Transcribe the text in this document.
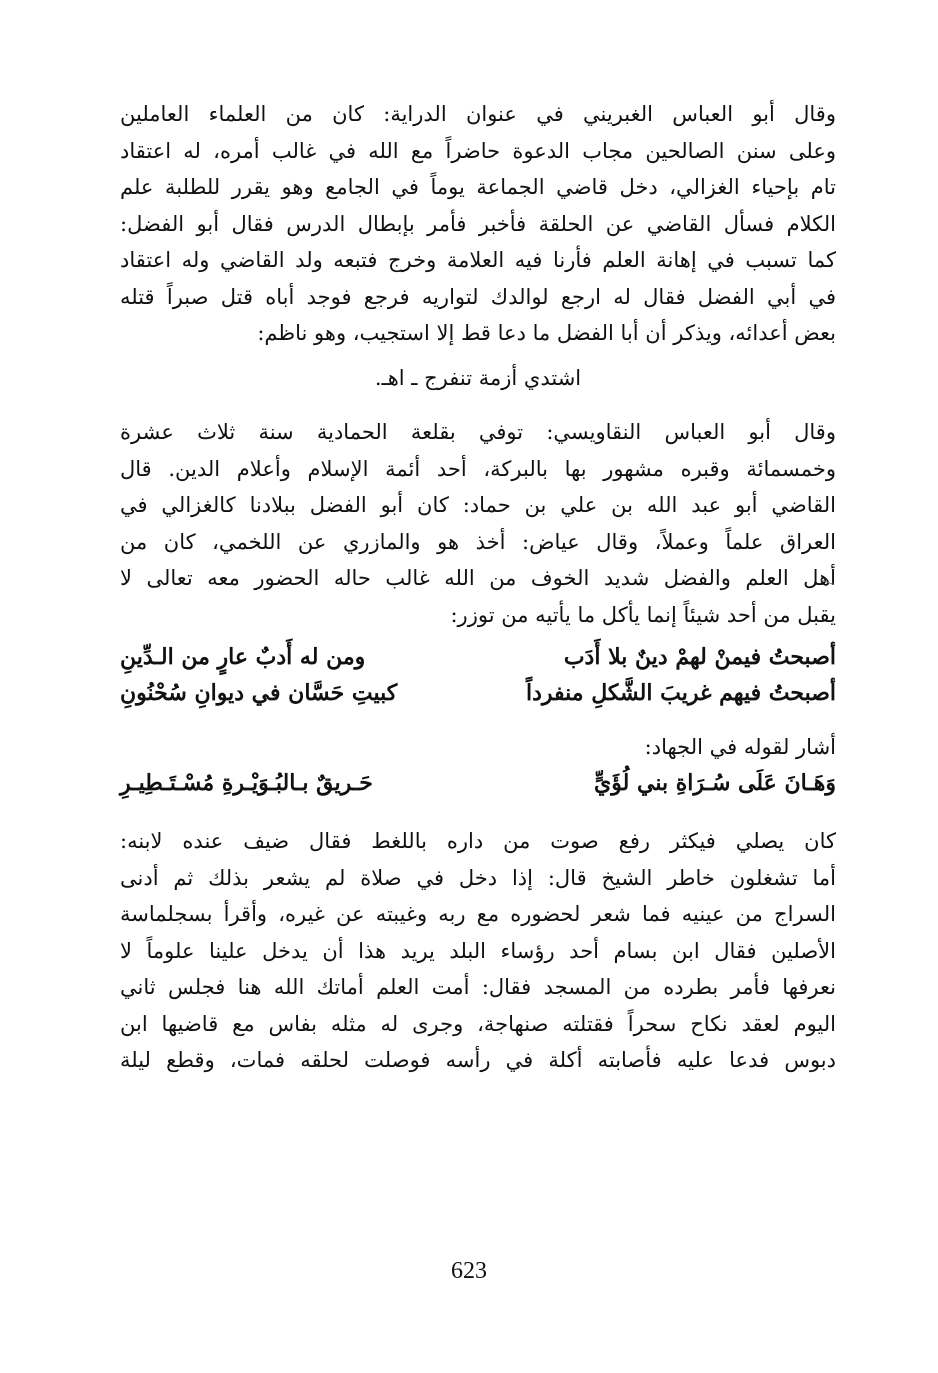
وقال أبو العباس الغبريني في عنوان الدراية: كان من العلماء العاملين
وعلى سنن الصالحين مجاب الدعوة حاضراً مع الله في غالب أمره، له اعتقاد
تام بإحياء الغزالي، دخل قاضي الجماعة يوماً في الجامع وهو يقرر للطلبة علم
الكلام فسأل القاضي عن الحلقة فأخبر فأمر بإبطال الدرس فقال أبو الفضل:
كما تسبب في إهانة العلم فأرنا فيه العلامة وخرج فتبعه ولد القاضي وله اعتقاد
في أبي الفضل فقال له ارجع لوالدك لتواريه فرجع فوجد أباه قتل صبراً قتله
بعض أعدائه، ويذكر أن أبا الفضل ما دعا قط إلا استجيب، وهو ناظم:
اشتدي أزمة تنفرج ـ اهـ.
وقال أبو العباس النقاويسي: توفي بقلعة الحمادية سنة ثلاث عشرة
وخمسمائة وقبره مشهور بها بالبركة، أحد أئمة الإسلام وأعلام الدين. قال
القاضي أبو عبد الله بن علي بن حماد: كان أبو الفضل ببلادنا كالغزالي في
العراق علماً وعملاً، وقال عياض: أخذ هو والمازري عن اللخمي، كان من
أهل العلم والفضل شديد الخوف من الله غالب حاله الحضور معه تعالى لا
يقبل من أحد شيئاً إنما يأكل ما يأتيه من توزر:
أصبحتُ فيمنْ لهمْ دينٌ بلا أَدَب
ومن له أَدبٌ عارٍ من الـدِّينِ
أصبحتُ فيهم غريبَ الشَّكلِ منفرداً
كبيتِ حَسَّان في ديوانِ سُحْنُونِ
أشار لقوله في الجهاد:
وَهَـانَ عَلَى سُـرَاةِ بني لُؤَيٍّ
حَـريقٌ بـالبُـوَيْـرةِ مُسْـتَـطِيـرِ
كان يصلي فيكثر رفع صوت من داره باللغط فقال ضيف عنده لابنه:
أما تشغلون خاطر الشيخ قال: إذا دخل في صلاة لم يشعر بذلك ثم أدنى
السراج من عينيه فما شعر لحضوره مع ربه وغيبته عن غيره، وأقرأ بسجلماسة
الأصلين فقال ابن بسام أحد رؤساء البلد يريد هذا أن يدخل علينا علوماً لا
نعرفها فأمر بطرده من المسجد فقال: أمت العلم أماتك الله هنا فجلس ثاني
اليوم لعقد نكاح سحراً فقتلته صنهاجة، وجرى له مثله بفاس مع قاضيها ابن
دبوس فدعا عليه فأصابته أكلة في رأسه فوصلت لحلقه فمات، وقطع ليلة
623
